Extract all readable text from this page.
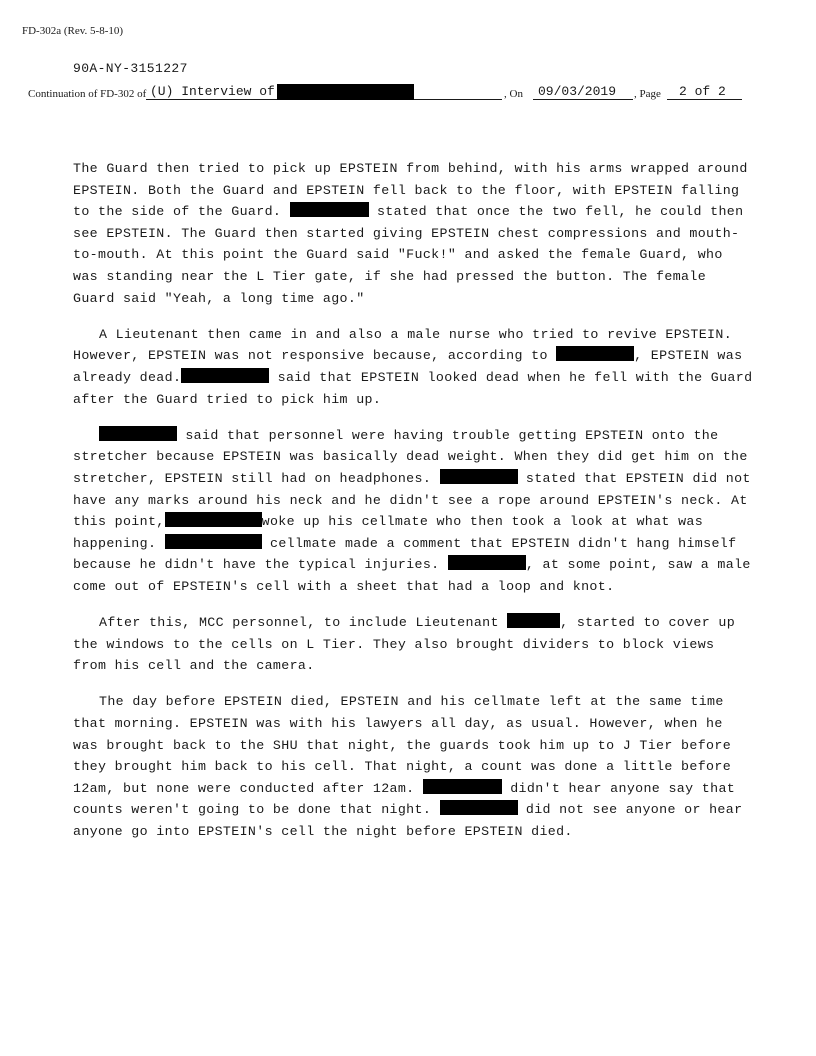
FD-302a (Rev. 5-8-10)
90A-NY-3151227
Continuation of FD-302 of (U) Interview of	, On	09/03/2019	, Page	2 of 2

The Guard then tried to pick up EPSTEIN from behind, with his arms wrapped around EPSTEIN. Both the Guard and EPSTEIN fell back to the floor, with EPSTEIN falling to the side of the Guard.	stated that once the two fell, he could then see EPSTEIN. The Guard then started giving EPSTEIN chest compressions and mouth-to-mouth. At this point the Guard said "Fuck!" and asked the female Guard, who was standing near the L Tier gate, if she had pressed the button. The female Guard said "Yeah, a long time ago."

A Lieutenant then came in and also a male nurse who tried to revive EPSTEIN. However, EPSTEIN was not responsive because, according to	, EPSTEIN was already dead.	said that EPSTEIN looked dead when he fell with the Guard after the Guard tried to pick him up.

said that personnel were having trouble getting EPSTEIN onto the stretcher because EPSTEIN was basically dead weight. When they did get him on the stretcher, EPSTEIN still had on headphones.	stated that EPSTEIN did not have any marks around his neck and he didn't see a rope around EPSTEIN's neck. At this point,	woke up his cellmate who then took a look at what was happening.	cellmate made a comment that EPSTEIN didn't hang himself because he didn't have the typical injuries.	, at some point, saw a male come out of EPSTEIN's cell with a sheet that had a loop and knot.

After this, MCC personnel, to include Lieutenant	, started to cover up the windows to the cells on L Tier. They also brought dividers to block views from his cell and the camera.

The day before EPSTEIN died, EPSTEIN and his cellmate left at the same time that morning. EPSTEIN was with his lawyers all day, as usual. However, when he was brought back to the SHU that night, the guards took him up to J Tier before they brought him back to his cell. That night, a count was done a little before 12am, but none were conducted after 12am.	didn't hear anyone say that counts weren't going to be done that night.	did not see anyone or hear anyone go into EPSTEIN's cell the night before EPSTEIN died.
